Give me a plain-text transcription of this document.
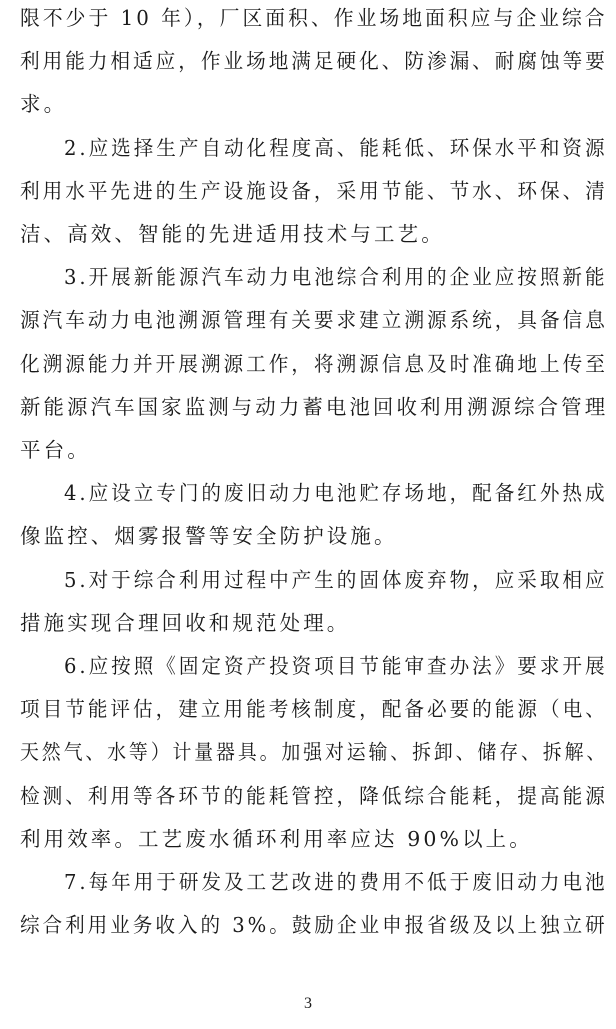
限不少于 10 年），厂区面积、作业场地面积应与企业综合
利用能力相适应，作业场地满足硬化、防渗漏、耐腐蚀等要
求。
2.应选择生产自动化程度高、能耗低、环保水平和资源
利用水平先进的生产设施设备，采用节能、节水、环保、清
洁、高效、智能的先进适用技术与工艺。
3.开展新能源汽车动力电池综合利用的企业应按照新能
源汽车动力电池溯源管理有关要求建立溯源系统，具备信息
化溯源能力并开展溯源工作，将溯源信息及时准确地上传至
新能源汽车国家监测与动力蓄电池回收利用溯源综合管理
平台。
4.应设立专门的废旧动力电池贮存场地，配备红外热成
像监控、烟雾报警等安全防护设施。
5.对于综合利用过程中产生的固体废弃物，应采取相应
措施实现合理回收和规范处理。
6.应按照《固定资产投资项目节能审查办法》要求开展
项目节能评估，建立用能考核制度，配备必要的能源（电、
天然气、水等）计量器具。加强对运输、拆卸、储存、拆解、
检测、利用等各环节的能耗管控，降低综合能耗，提高能源
利用效率。工艺废水循环利用率应达 90%以上。
7.每年用于研发及工艺改进的费用不低于废旧动力电池
综合利用业务收入的 3%。鼓励企业申报省级及以上独立研
3
